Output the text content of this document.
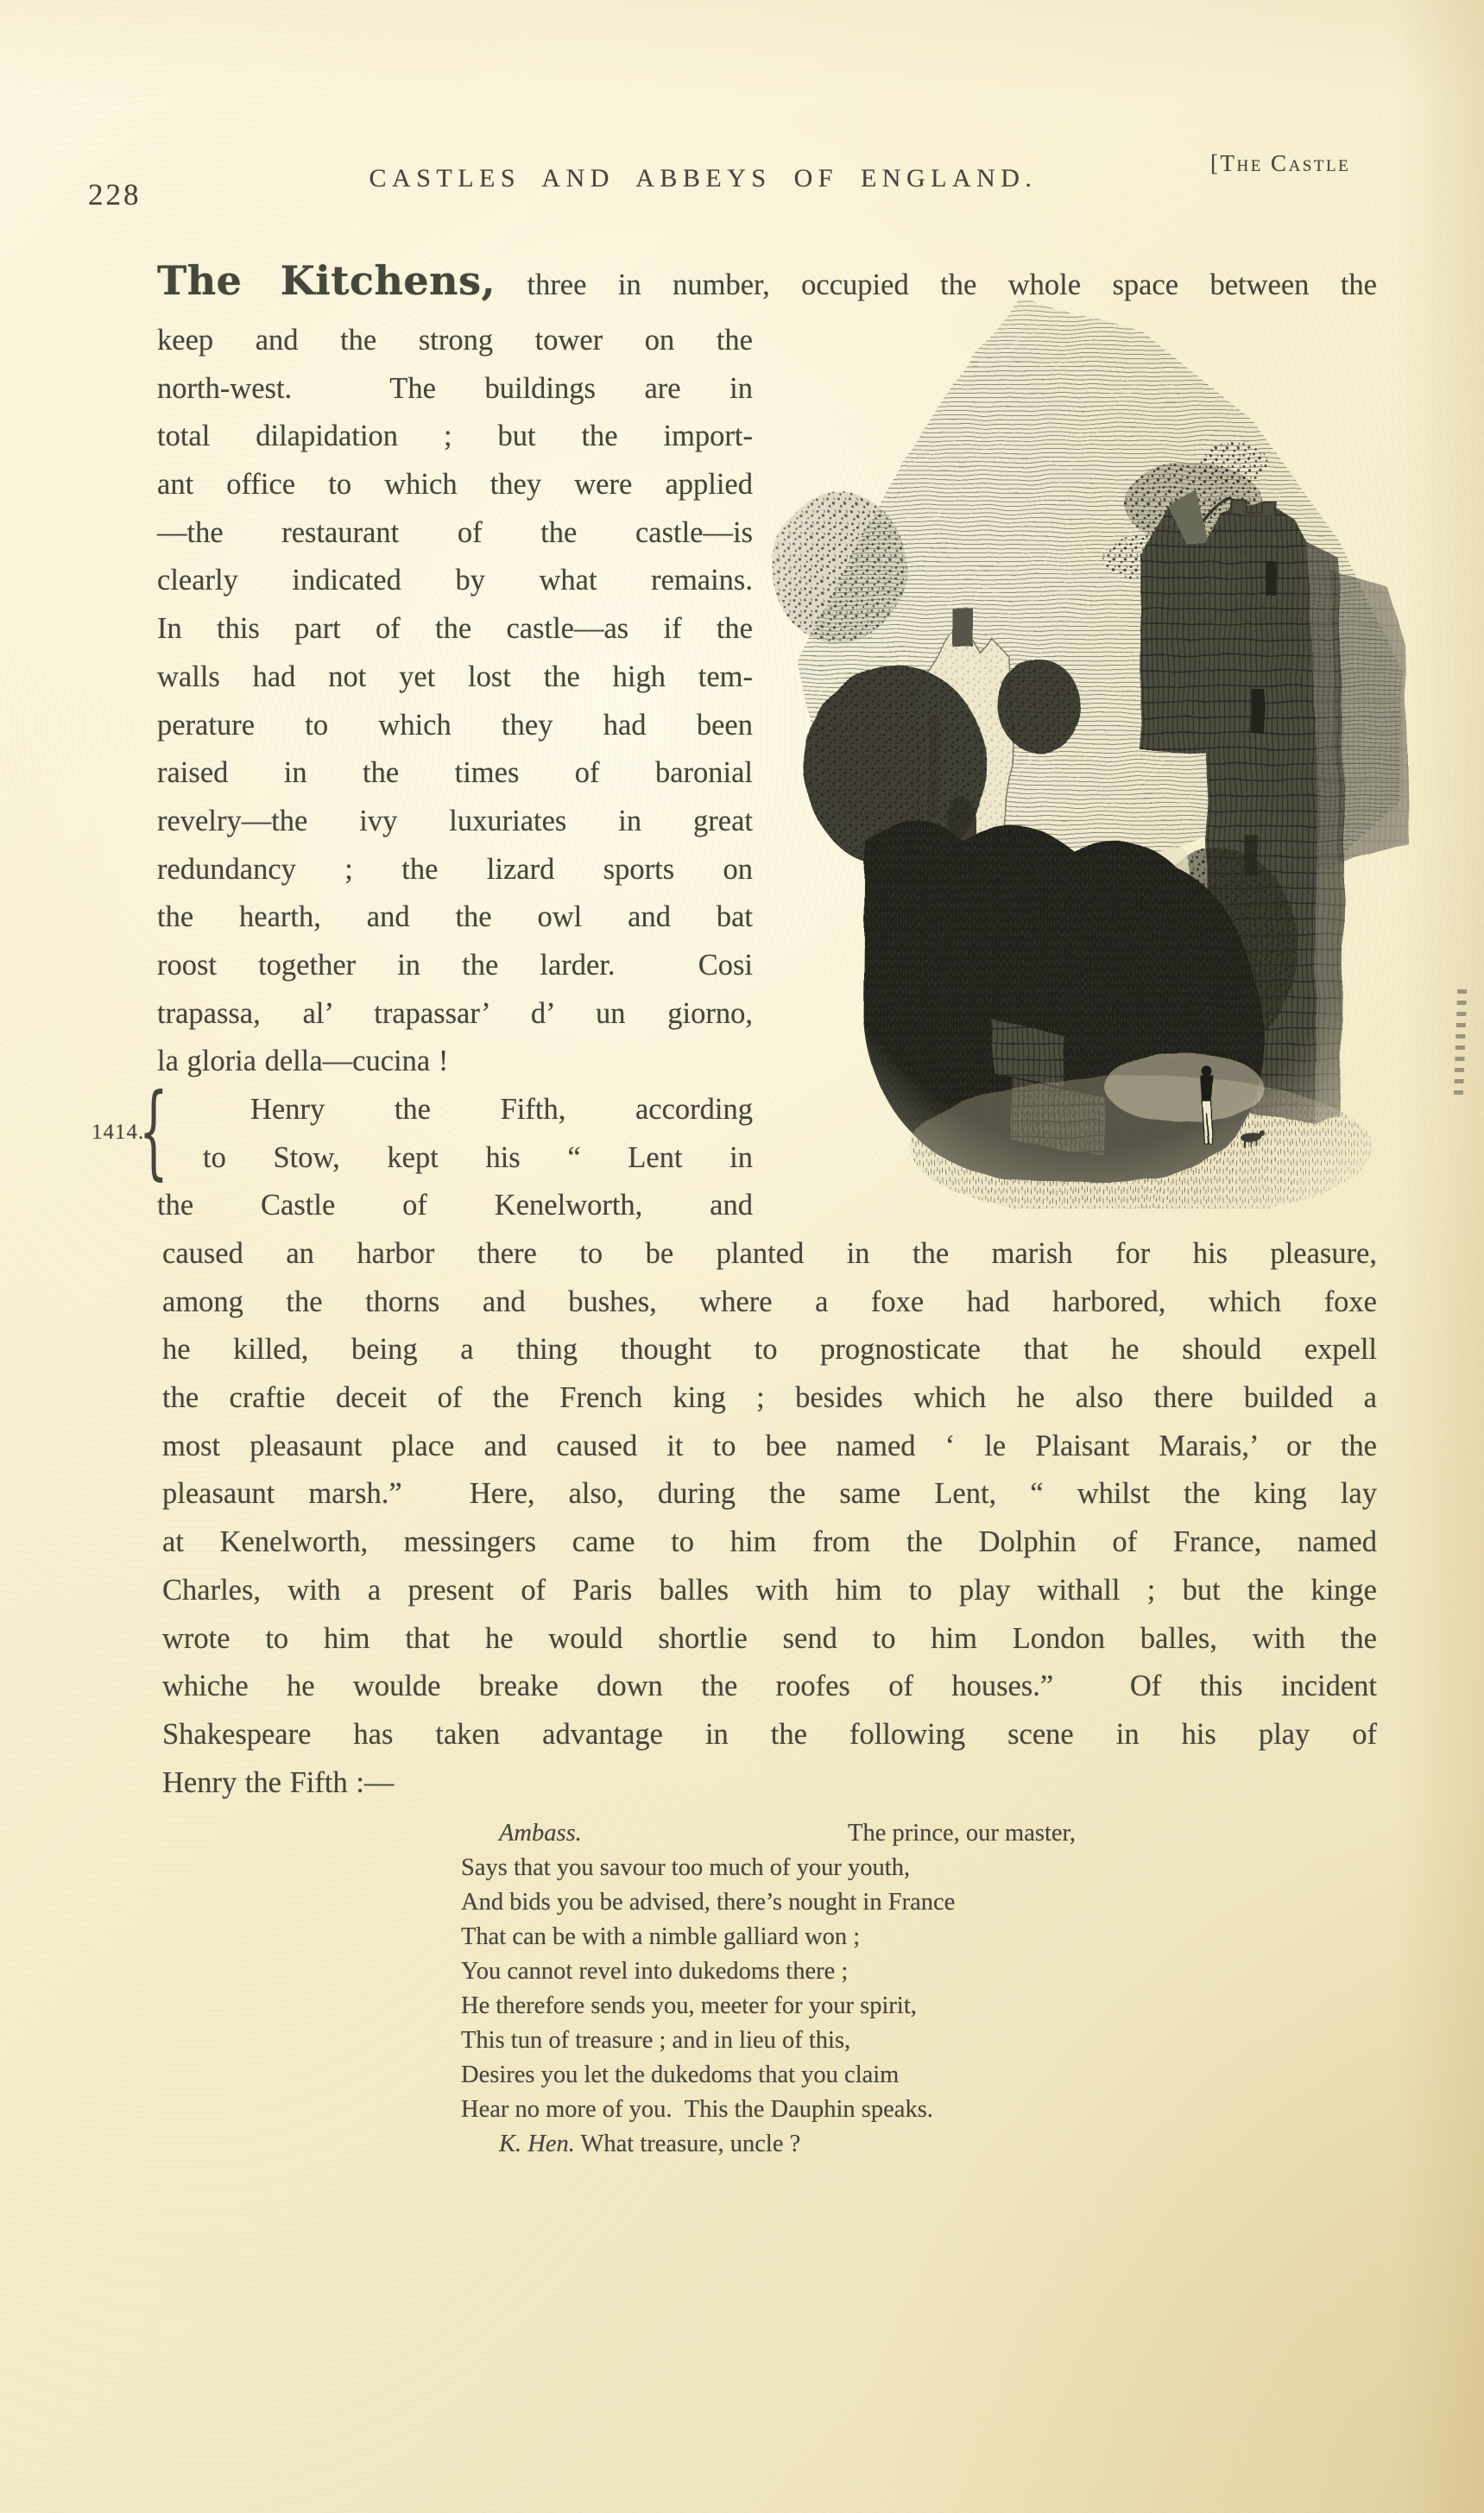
228	CASTLES AND ABBEYS OF ENGLAND.
[The Castle
The Kitchens, three in number, occupied the whole space between the
keep and the strong tower on the
north-west.  The buildings are in
total dilapidation ; but the import-
ant office to which they were applied
—the restaurant of the castle—is
clearly indicated by what remains.
In this part of the castle—as if the
walls had not yet lost the high tem-
perature to which they had been
raised in the times of baronial
revelry—the ivy luxuriates in great
redundancy ; the lizard sports on
the hearth, and the owl and bat
roost together in the larder.  Cosi
trapassa, al’ trapassar’ d’ un giorno,
la gloria della—cucina !
1414.
{	Henry the Fifth, according
to Stow, kept his “ Lent in
the Castle of Kenelworth, and
caused an harbor there to be planted in the marish for his pleasure,
among the thorns and bushes, where a foxe had harbored, which foxe
he killed, being a thing thought to prognosticate that he should expell
the craftie deceit of the French king ; besides which he also there builded a
most pleasaunt place and caused it to bee named ‘ le Plaisant Marais,’ or the
pleasaunt marsh.”  Here, also, during the same Lent, “ whilst the king lay
at Kenelworth, messingers came to him from the Dolphin of France, named
Charles, with a present of Paris balles with him to play withall ; but the kinge
wrote to him that he would shortlie send to him London balles, with the
whiche he woulde breake down the roofes of houses.”  Of this incident
Shakespeare has taken advantage in the following scene in his play of
Henry the Fifth :—
Ambass.	The prince, our master,
Says that you savour too much of your youth,
And bids you be advised, there’s nought in France
That can be with a nimble galliard won ;
You cannot revel into dukedoms there ;
He therefore sends you, meeter for your spirit,
This tun of treasure ; and in lieu of this,
Desires you let the dukedoms that you claim
Hear no more of you.  This the Dauphin speaks.
K. Hen. What treasure, uncle ?
